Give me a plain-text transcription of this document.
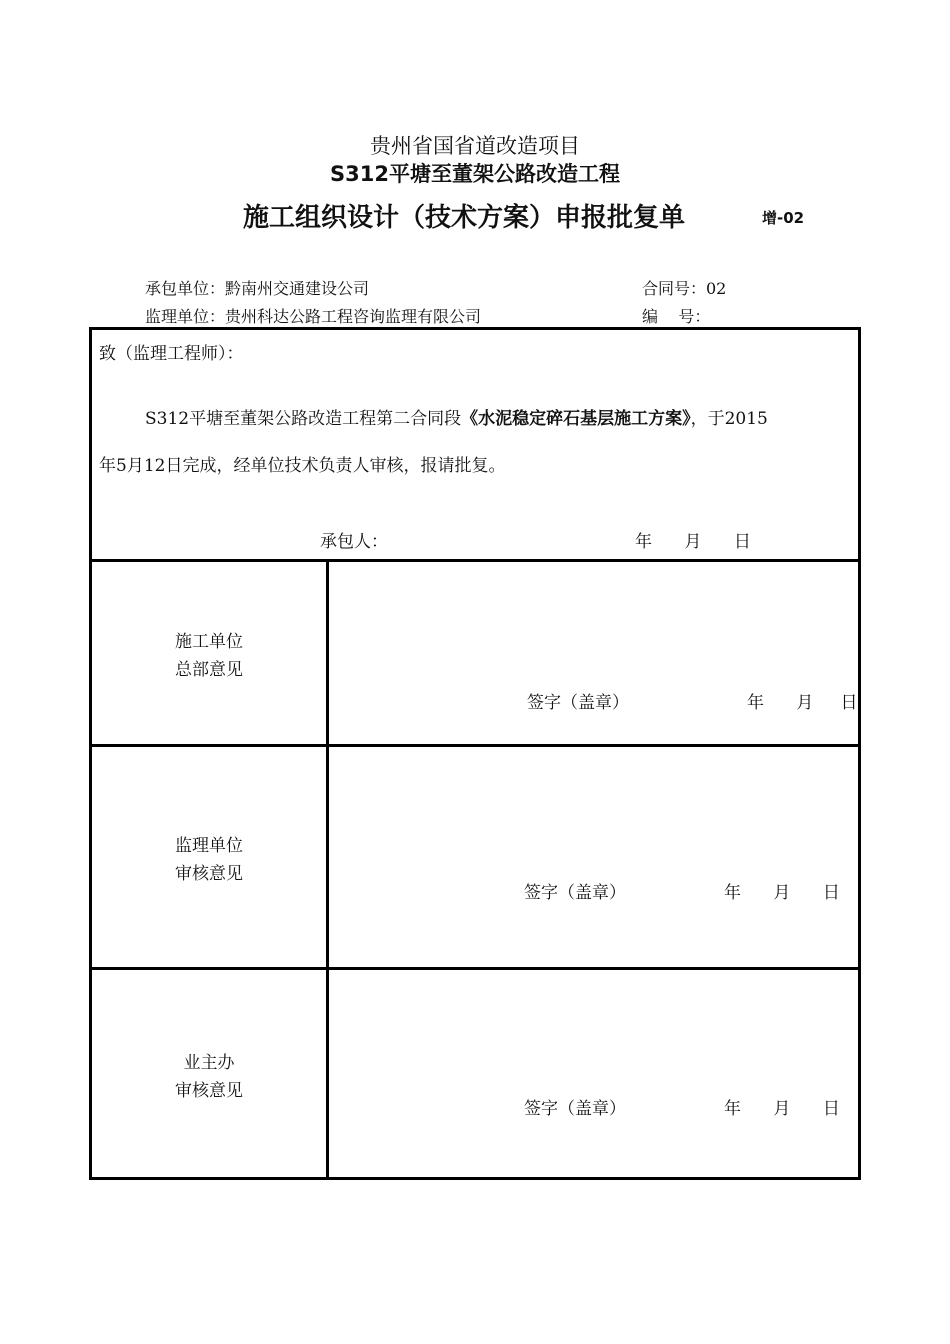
贵州省国省道改造项目
S312平塘至董架公路改造工程
施工组织设计（技术方案）申报批复单	增-02
承包单位：黔南州交通建设公司	合同号：02
监理单位：贵州科达公路工程咨询监理有限公司	编    号：
致（监理工程师）：
S312平塘至董架公路改造工程第二合同段《水泥稳定碎石基层施工方案》，于2015
年5月12日完成，经单位技术负责人审核，报请批复。
承包人：	年      月      日
施工单位
总部意见
签字（盖章）	年      月     日
监理单位
审核意见
签字（盖章）	年      月      日
业主办
审核意见
签字（盖章）	年      月      日
